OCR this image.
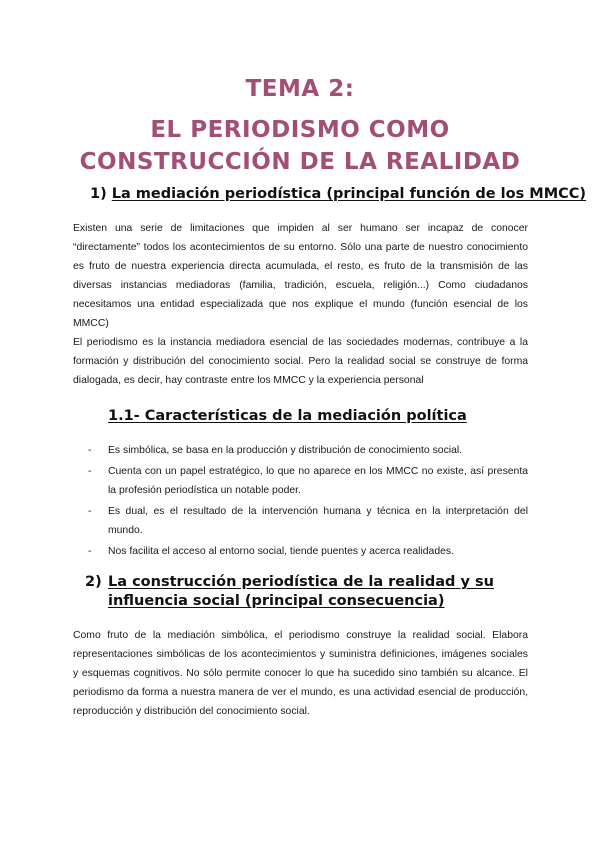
TEMA 2:
EL PERIODISMO COMO
CONSTRUCCIÓN DE LA REALIDAD
1) La mediación periodística (principal función de los MMCC)

Existen una serie de limitaciones que impiden al ser humano ser incapaz de conocer “directamente” todos los acontecimientos de su entorno. Sólo una parte de nuestro conocimiento es fruto de nuestra experiencia directa acumulada, el resto, es fruto de la transmisión de las diversas instancias mediadoras (familia, tradición, escuela, religión...) Como ciudadanos necesitamos una entidad especializada que nos explique el mundo (función esencial de los MMCC)

El periodismo es la instancia mediadora esencial de las sociedades modernas, contribuye a la formación y distribución del conocimiento social. Pero la realidad social se construye de forma dialogada, es decir, hay contraste entre los MMCC y la experiencia personal

1.1- Características de la mediación política
- Es simbólica, se basa en la producción y distribución de conocimiento social.
- Cuenta con un papel estratégico, lo que no aparece en los MMCC no existe, así presenta la profesión periodística un notable poder.
- Es dual, es el resultado de la intervención humana y técnica en la interpretación del mundo.
- Nos facilita el acceso al entorno social, tiende puentes y acerca realidades.
2) La construcción periodística de la realidad y su influencia social (principal consecuencia)

Como fruto de la mediación simbólica, el periodismo construye la realidad social. Elabora representaciones simbólicas de los acontecimientos y suministra definiciones, imágenes sociales y esquemas cognitivos. No sólo permite conocer lo que ha sucedido sino también su alcance. El periodismo da forma a nuestra manera de ver el mundo, es una actividad esencial de producción, reproducción y distribución del conocimiento social.
